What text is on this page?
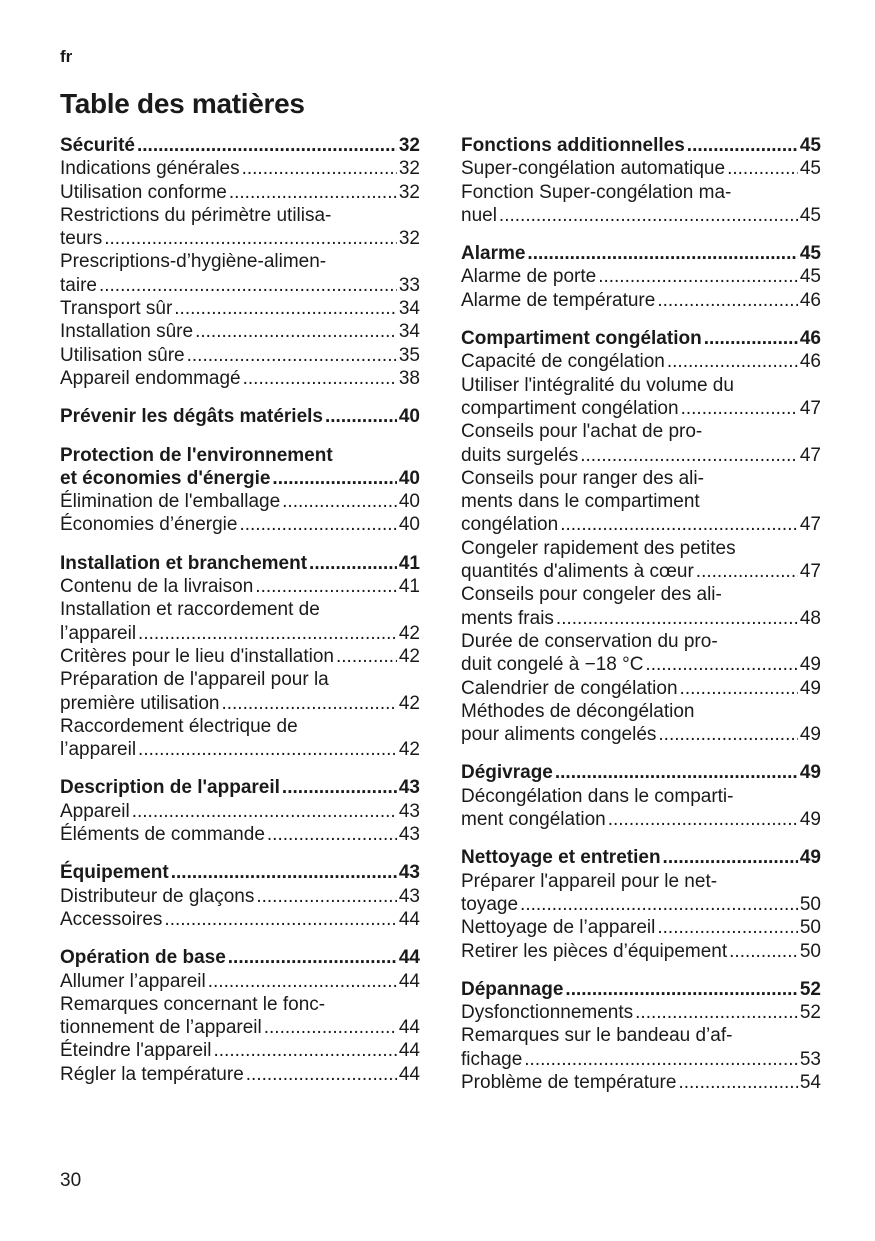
fr
Table des matières
Sécurité .....	32
Indications générales .....	32
Utilisation conforme .....	32
Restrictions du périmètre utilisa-
teurs .....	32
Prescriptions-d’hygiène-alimen-
taire .....	33
Transport sûr .....	34
Installation sûre .....	34
Utilisation sûre .....	35
Appareil endommagé .....	38
Prévenir les dégâts matériels .....	40
Protection de l'environnement
et économies d'énergie .....	40
Élimination de l'emballage .....	40
Économies d’énergie .....	40
Installation et branchement .....	41
Contenu de la livraison .....	41
Installation et raccordement de
l’appareil .....	42
Critères pour le lieu d'installation .....	42
Préparation de l'appareil pour la
première utilisation .....	42
Raccordement électrique de
l’appareil .....	42
Description de l'appareil .....	43
Appareil .....	43
Éléments de commande .....	43
Équipement .....	43
Distributeur de glaçons .....	43
Accessoires .....	44
Opération de base .....	44
Allumer l’appareil .....	44
Remarques concernant le fonc-
tionnement de l’appareil .....	44
Éteindre l'appareil .....	44
Régler la température .....	44
Fonctions additionnelles .....	45
Super-congélation automatique .....	45
Fonction Super-congélation ma-
nuel .....	45
Alarme .....	45
Alarme de porte .....	45
Alarme de température .....	46
Compartiment congélation .....	46
Capacité de congélation .....	46
Utiliser l'intégralité du volume du
compartiment congélation .....	47
Conseils pour l'achat de pro-
duits surgelés .....	47
Conseils pour ranger des ali-
ments dans le compartiment
congélation .....	47
Congeler rapidement des petites
quantités d'aliments à cœur .....	47
Conseils pour congeler des ali-
ments frais .....	48
Durée de conservation du pro-
duit congelé à −18 °C .....	49
Calendrier de congélation .....	49
Méthodes de décongélation
pour aliments congelés .....	49
Dégivrage .....	49
Décongélation dans le comparti-
ment congélation .....	49
Nettoyage et entretien .....	49
Préparer l'appareil pour le net-
toyage .....	50
Nettoyage de l’appareil .....	50
Retirer les pièces d’équipement .....	50
Dépannage .....	52
Dysfonctionnements .....	52
Remarques sur le bandeau d’af-
fichage .....	53
Problème de température .....	54
30
